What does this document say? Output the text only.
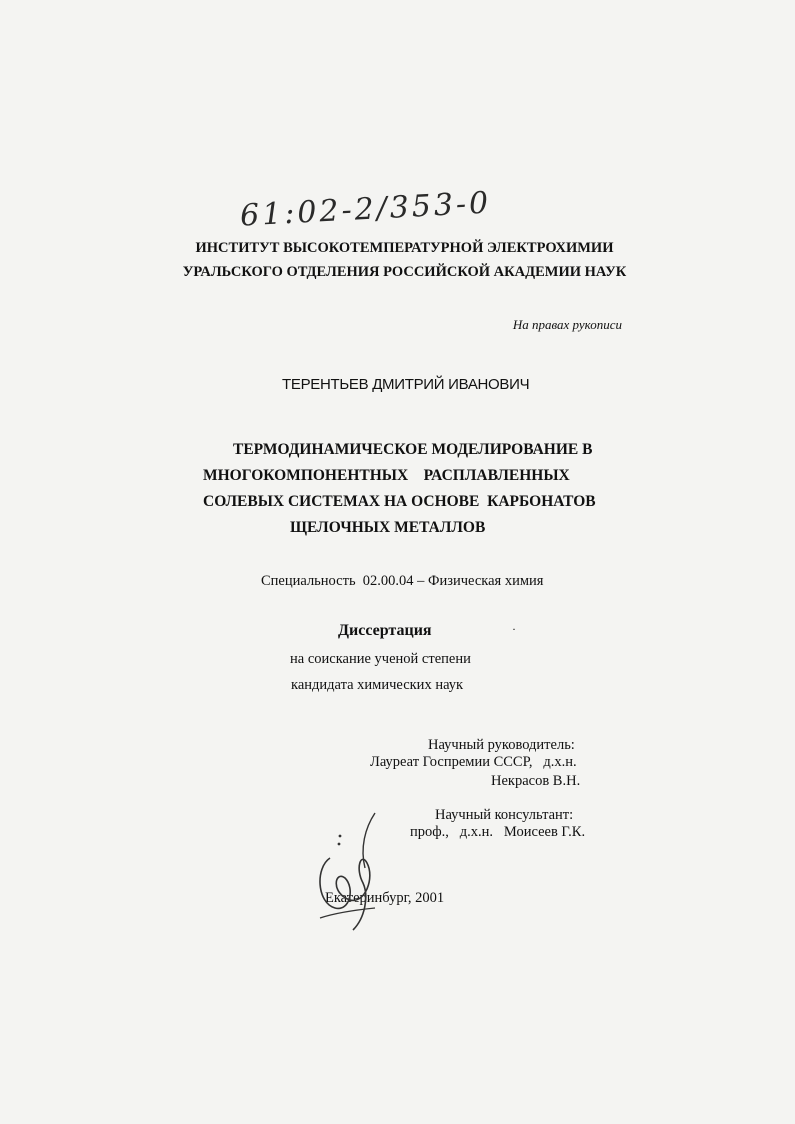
61:02-2/353-0
ИНСТИТУТ ВЫСОКОТЕМПЕРАТУРНОЙ ЭЛЕКТРОХИМИИ
УРАЛЬСКОГО ОТДЕЛЕНИЯ РОССИЙСКОЙ АКАДЕМИИ НАУК
На правах рукописи
ТЕРЕНТЬЕВ ДМИТРИЙ ИВАНОВИЧ
ТЕРМОДИНАМИЧЕСКОЕ МОДЕЛИРОВАНИЕ В
МНОГОКОМПОНЕНТНЫХ    РАСПЛАВЛЕННЫХ
СОЛЕВЫХ СИСТЕМАХ НА ОСНОВЕ  КАРБОНАТОВ
ЩЕЛОЧНЫХ МЕТАЛЛОВ
Специальность  02.00.04 – Физическая химия
Диссертация	·
на соискание ученой степени
кандидата химических наук
Научный руководитель:
Лауреат Госпремии СССР,   д.х.н.
Некрасов В.Н.
Научный консультант:
проф.,   д.х.н.   Моисеев Г.К.
Екатеринбург, 2001
